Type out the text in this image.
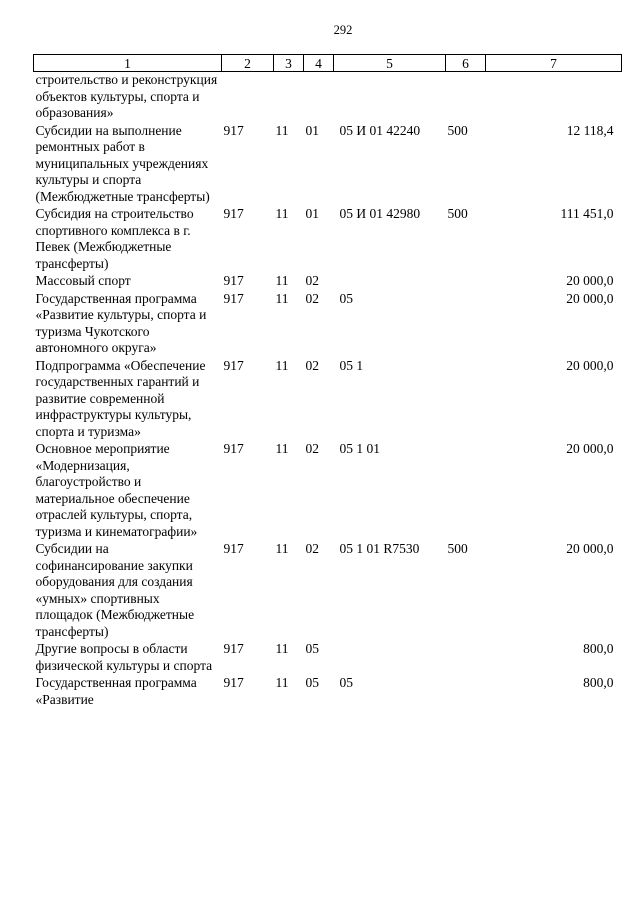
292
1	2	3	4	5	6	7
строительство и реконструкция объектов культуры, спорта и образования»						
Субсидии на выполнение ремонтных работ в муниципальных учреждениях культуры и спорта (Межбюджетные трансферты)	917	11	01	05 И 01 42240	500	12 118,4
Субсидия на строительство спортивного комплекса в г. Певек (Межбюджетные трансферты)	917	11	01	05 И 01 42980	500	111 451,0
Массовый спорт	917	11	02			20 000,0
Государственная программа «Развитие культуры, спорта и туризма Чукотского автономного округа»	917	11	02	05		20 000,0
Подпрограмма «Обеспечение государственных гарантий и развитие современной инфраструктуры культуры, спорта и туризма»	917	11	02	05 1		20 000,0
Основное мероприятие «Модернизация, благоустройство и материальное обеспечение отраслей культуры, спорта, туризма и кинематографии»	917	11	02	05 1 01		20 000,0
Субсидии на софинансирование закупки оборудования для создания «умных» спортивных площадок (Межбюджетные трансферты)	917	11	02	05 1 01 R7530	500	20 000,0
Другие вопросы в области физической культуры и спорта	917	11	05			800,0
Государственная программа «Развитие	917	11	05	05		800,0
